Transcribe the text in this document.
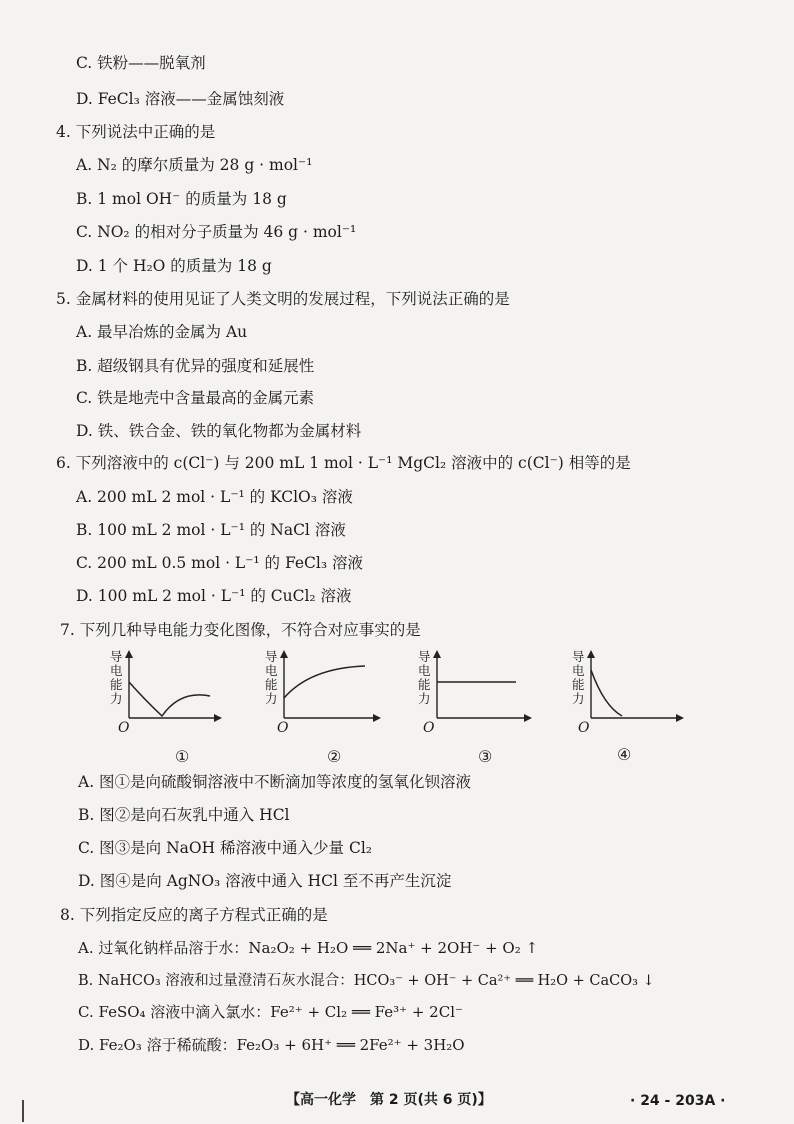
C. 铁粉——脱氧剂
D. FeCl₃ 溶液——金属蚀刻液
4. 下列说法中正确的是
A. N₂ 的摩尔质量为 28 g · mol⁻¹
B. 1 mol OH⁻ 的质量为 18 g
C. NO₂ 的相对分子质量为 46 g · mol⁻¹
D. 1 个 H₂O 的质量为 18 g
5. 金属材料的使用见证了人类文明的发展过程，下列说法正确的是
A. 最早冶炼的金属为 Au
B. 超级钢具有优异的强度和延展性
C. 铁是地壳中含量最高的金属元素
D. 铁、铁合金、铁的氧化物都为金属材料
6. 下列溶液中的 c(Cl⁻) 与 200 mL 1 mol · L⁻¹ MgCl₂ 溶液中的 c(Cl⁻) 相等的是
A. 200 mL 2 mol · L⁻¹ 的 KClO₃ 溶液
B. 100 mL 2 mol · L⁻¹ 的 NaCl 溶液
C. 200 mL 0.5 mol · L⁻¹ 的 FeCl₃ 溶液
D. 100 mL 2 mol · L⁻¹ 的 CuCl₂ 溶液
7. 下列几种导电能力变化图像，不符合对应事实的是
导电能力
O
①
导电能力
O
②
导电能力
O
③
导电能力
O
④
A. 图①是向硫酸铜溶液中不断滴加等浓度的氢氧化钡溶液
B. 图②是向石灰乳中通入 HCl
C. 图③是向 NaOH 稀溶液中通入少量 Cl₂
D. 图④是向 AgNO₃ 溶液中通入 HCl 至不再产生沉淀
8. 下列指定反应的离子方程式正确的是
A. 过氧化钠样品溶于水：Na₂O₂ + H₂O ══ 2Na⁺ + 2OH⁻ + O₂ ↑
B. NaHCO₃ 溶液和过量澄清石灰水混合：HCO₃⁻ + OH⁻ + Ca²⁺ ══ H₂O + CaCO₃ ↓
C. FeSO₄ 溶液中滴入氯水：Fe²⁺ + Cl₂ ══ Fe³⁺ + 2Cl⁻
D. Fe₂O₃ 溶于稀硫酸：Fe₂O₃ + 6H⁺ ══ 2Fe²⁺ + 3H₂O
【高一化学　第 2 页(共 6 页)】	· 24 - 203A ·
